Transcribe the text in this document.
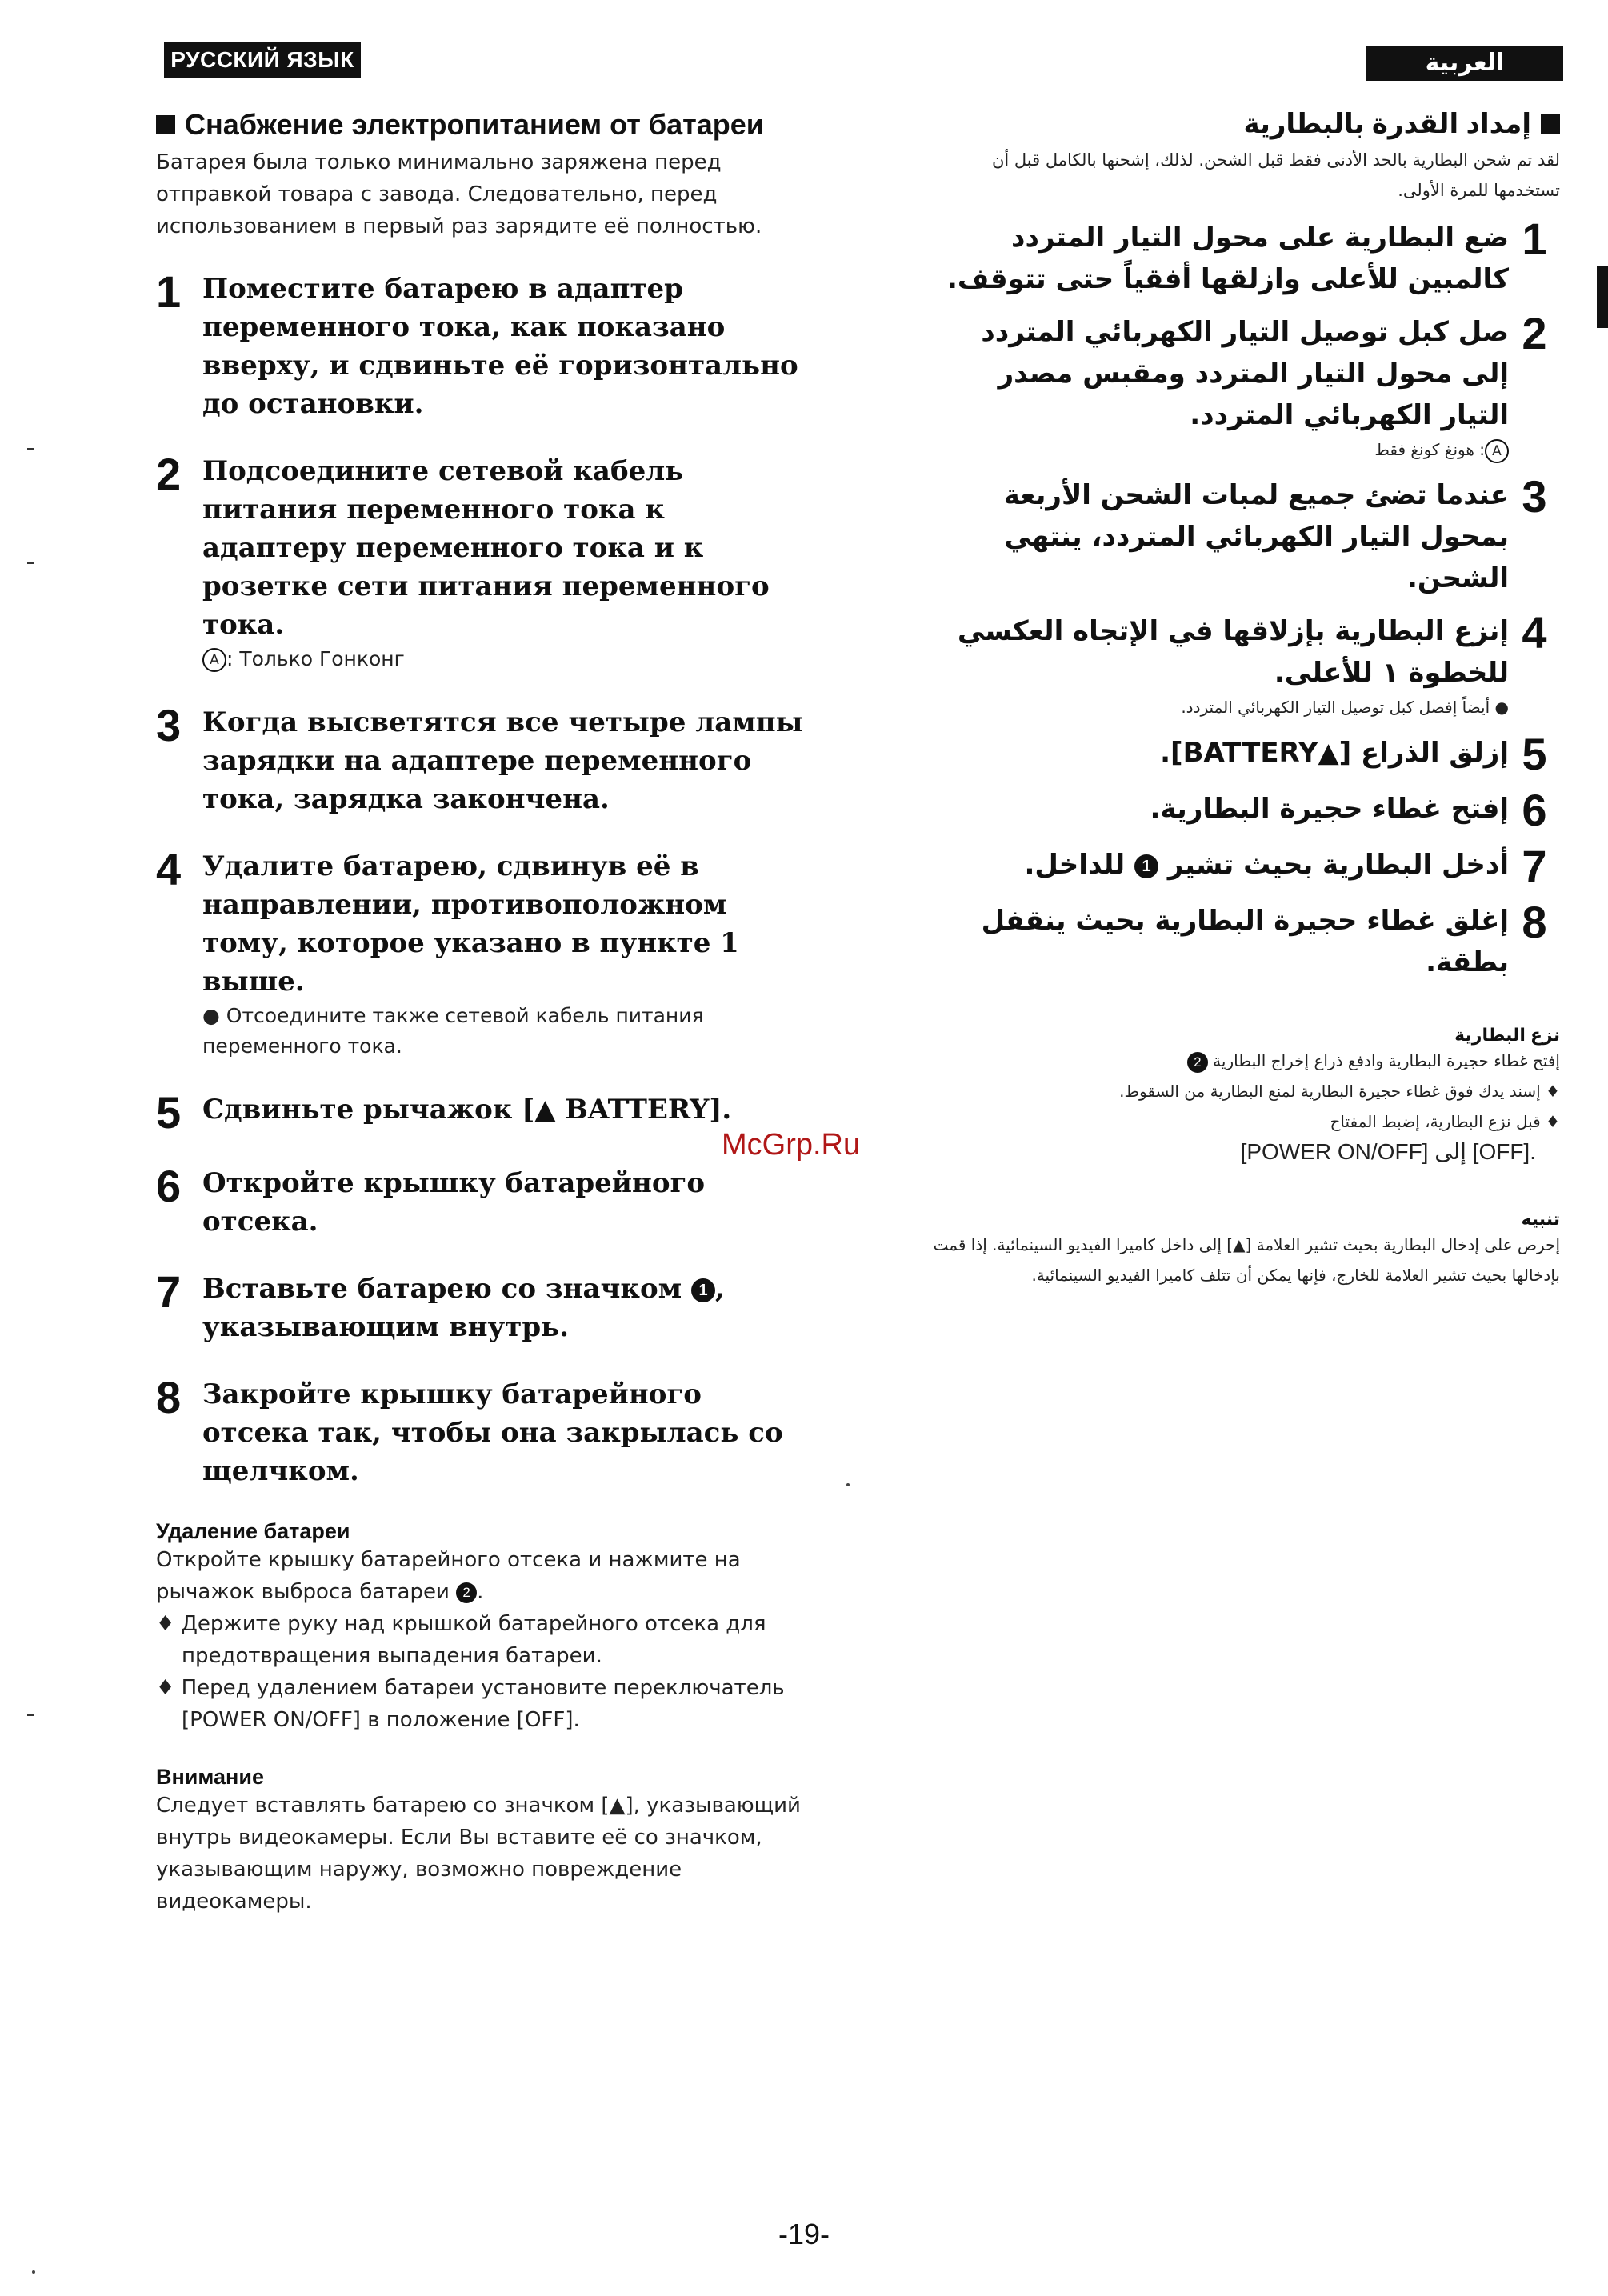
РУССКИЙ ЯЗЫК	العربية
Снабжение электропитанием от батареи
Батарея была только минимально заряжена перед отправкой товара с завода. Следовательно, перед использованием в первый раз зарядите её полностью.
1 Поместите батарею в адаптер переменного тока, как показано вверху, и сдвиньте её горизонтально до остановки.
2 Подсоедините сетевой кабель питания переменного тока к адаптеру переменного тока и к розетке сети питания переменного тока.
A : Только Гонконг
3 Когда высветятся все четыре лампы зарядки на адаптере переменного тока, зарядка закончена.
4 Удалите батарею, сдвинув её в направлении, противоположном тому, которое указано в пункте 1 выше.
● Отсоедините также сетевой кабель питания переменного тока.
5 Сдвиньте рычажок [▲ BATTERY].
6 Откройте крышку батарейного отсека.
7 Вставьте батарею со значком 1 , указывающим внутрь.
8 Закройте крышку батарейного отсека так, чтобы она закрылась со щелчком.
Удаление батареи
Откройте крышку батарейного отсека и нажмите на рычажок выброса батареи 2 .
♦ Держите руку над крышкой батарейного отсека для предотвращения выпадения батареи.
♦ Перед удалением батареи установите переключатель [POWER ON/OFF] в положение [OFF].
Внимание
Следует вставлять батарею со значком [▲], указывающий внутрь видеокамеры. Если Вы вставите её со значком, указывающим наружу, возможно повреждение видеокамеры.
إمداد القدرة بالبطارية
لقد تم شحن البطارية بالحد الأدنى فقط قبل الشحن. لذلك، إشحنها بالكامل قبل أن تستخدمها للمرة الأولى.
1
ضع البطارية على محول التيار المتردد كالمبين للأعلى وازلقها أفقياً حتى تتوقف.
2
صل كبل توصيل التيار الكهربائي المتردد إلى محول التيار المتردد ومقبس مصدر التيار الكهربائي المتردد.
A: هونغ كونغ فقط
3
عندما تضئ جميع لمبات الشحن الأربعة بمحول التيار الكهربائي المتردد، ينتهي الشحن.
4
إنزع البطارية بإزلاقها في الإتجاه العكسي للخطوة ١ للأعلى.
● أيضاً إفصل كبل توصيل التيار الكهربائي المتردد.
5
إزلق الذراع [▲BATTERY].
6
إفتح غطاء حجيرة البطارية.
7
أدخل البطارية بحيث تشير 1 للداخل.
8
إغلق غطاء حجيرة البطارية بحيث ينقفل بطقة.
نزع البطارية
إفتح غطاء حجيرة البطارية وادفع ذراع إخراج البطارية 2
♦ إسند يدك فوق غطاء حجيرة البطارية لمنع البطارية من السقوط.
♦ قبل نزع البطارية، إضبط المفتاح
[POWER ON/OFF] إلى [OFF].
تنبيه
إحرص على إدخال البطارية بحيث تشير العلامة [▲] إلى داخل كاميرا الفيديو السينمائية. إذا قمت بإدخالها بحيث تشير العلامة للخارج، فإنها يمكن أن تتلف كاميرا الفيديو السينمائية.
McGrp.Ru
-19-
